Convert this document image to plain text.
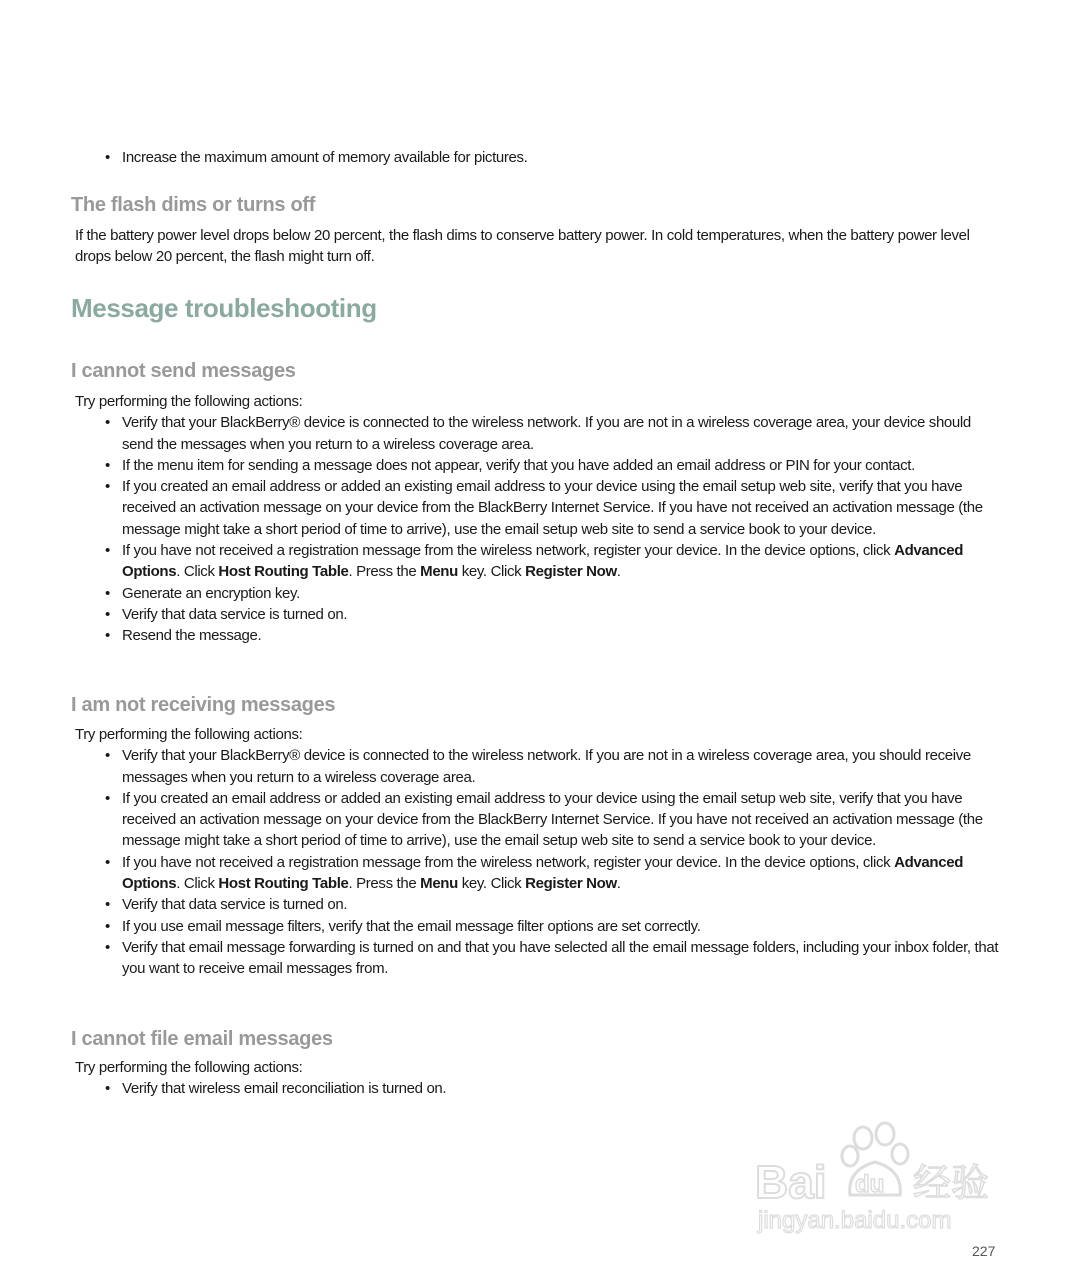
• Increase the maximum amount of memory available for pictures.
The flash dims or turns off

If the battery power level drops below 20 percent, the flash dims to conserve battery power. In cold temperatures, when the battery power level drops below 20 percent, the flash might turn off.

Message troubleshooting
I cannot send messages

Try performing the following actions:

• Verify that your BlackBerry® device is connected to the wireless network. If you are not in a wireless coverage area, your device should send the messages when you return to a wireless coverage area.
• If the menu item for sending a message does not appear, verify that you have added an email address or PIN for your contact.
• If you created an email address or added an existing email address to your device using the email setup web site, verify that you have received an activation message on your device from the BlackBerry Internet Service. If you have not received an activation message (the message might take a short period of time to arrive), use the email setup web site to send a service book to your device.
• If you have not received a registration message from the wireless network, register your device. In the device options, click Advanced Options. Click Host Routing Table. Press the Menu key. Click Register Now.
• Generate an encryption key.
• Verify that data service is turned on.
• Resend the message.
I am not receiving messages

Try performing the following actions:

• Verify that your BlackBerry® device is connected to the wireless network. If you are not in a wireless coverage area, you should receive messages when you return to a wireless coverage area.
• If you created an email address or added an existing email address to your device using the email setup web site, verify that you have received an activation message on your device from the BlackBerry Internet Service. If you have not received an activation message (the message might take a short period of time to arrive), use the email setup web site to send a service book to your device.
• If you have not received a registration message from the wireless network, register your device. In the device options, click Advanced Options. Click Host Routing Table. Press the Menu key. Click Register Now.
• Verify that data service is turned on.
• If you use email message filters, verify that the email message filter options are set correctly.
• Verify that email message forwarding is turned on and that you have selected all the email message folders, including your inbox folder, that you want to receive email messages from.
I cannot file email messages

Try performing the following actions:

• Verify that wireless email reconciliation is turned on.
Bai du 经验
jingyan.baidu.com
227
